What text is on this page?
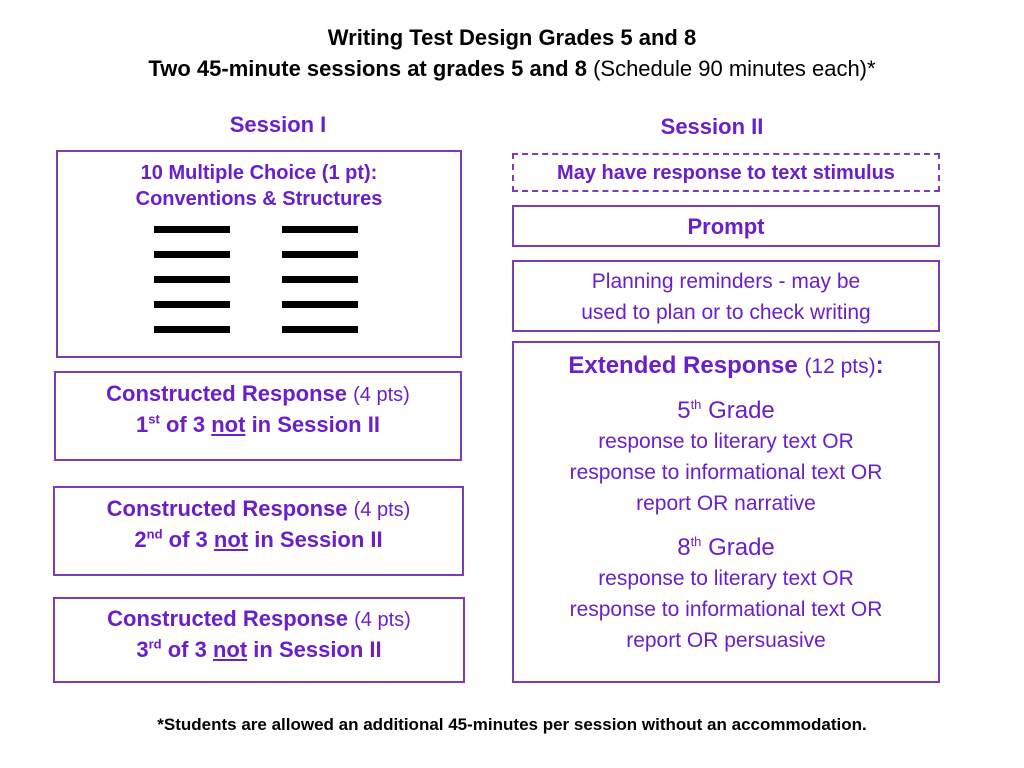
Writing Test Design Grades 5 and 8
Two 45-minute sessions at grades 5 and 8 (Schedule 90 minutes each)*
Session I	Session II
10 Multiple Choice (1 pt):
Conventions & Structures
Constructed Response (4 pts)
1st of 3 not in Session II
Constructed Response (4 pts)
2nd of 3 not in Session II
Constructed Response (4 pts)
3rd of 3 not in Session II
May have response to text stimulus
Prompt
Planning reminders - may be
used to plan or to check writing
Extended Response (12 pts):
5th Grade
response to literary text OR
response to informational text OR
report OR narrative
8th Grade
response to literary text OR
response to informational text OR
report OR persuasive
*Students are allowed an additional 45-minutes per session without an accommodation.
